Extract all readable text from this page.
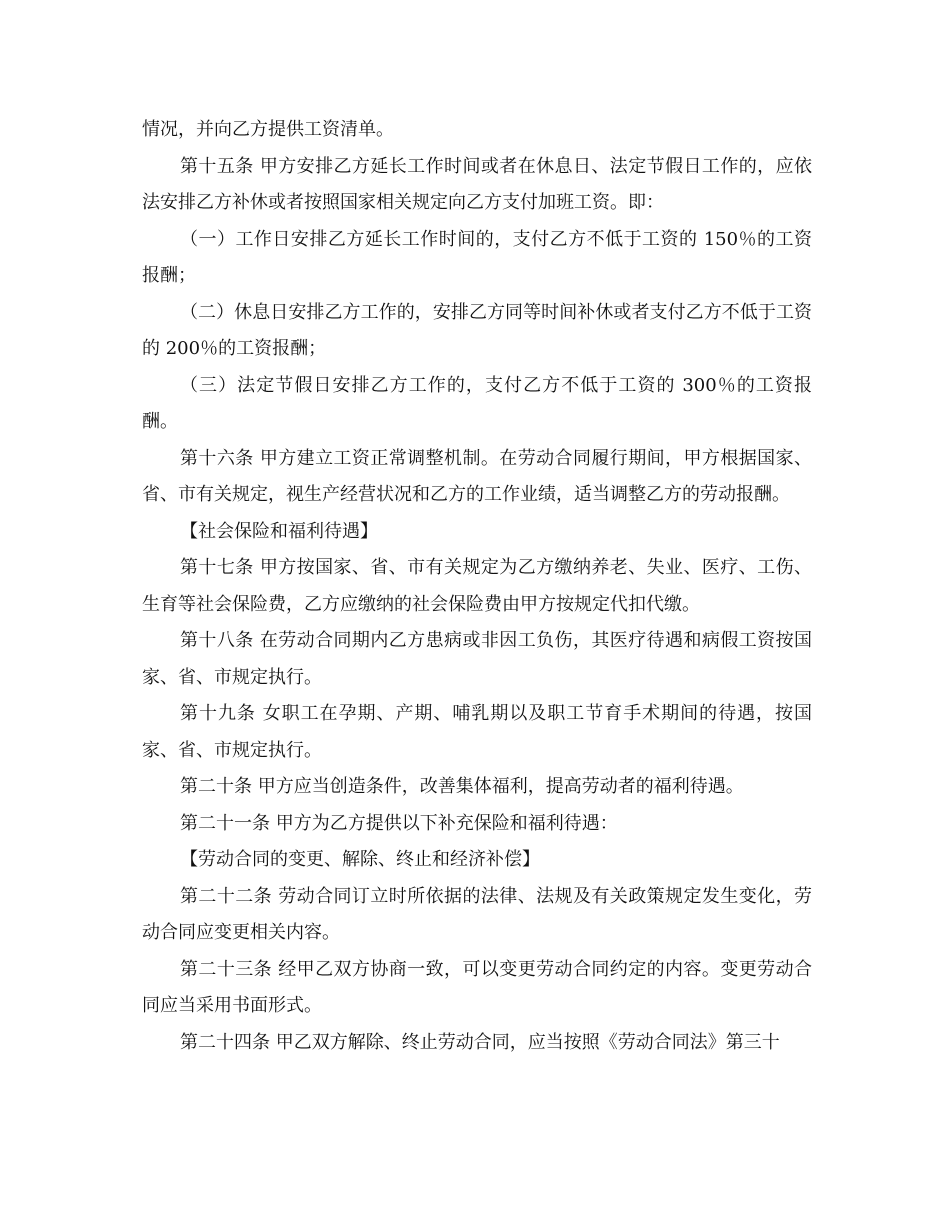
情况，并向乙方提供工资清单。

第十五条 甲方安排乙方延长工作时间或者在休息日、法定节假日工作的，应依法安排乙方补休或者按照国家相关规定向乙方支付加班工资。即：

（一）工作日安排乙方延长工作时间的，支付乙方不低于工资的 150％的工资报酬；

（二）休息日安排乙方工作的，安排乙方同等时间补休或者支付乙方不低于工资的 200％的工资报酬；

（三）法定节假日安排乙方工作的，支付乙方不低于工资的 300％的工资报酬。

第十六条 甲方建立工资正常调整机制。在劳动合同履行期间，甲方根据国家、省、市有关规定，视生产经营状况和乙方的工作业绩，适当调整乙方的劳动报酬。

【社会保险和福利待遇】

第十七条 甲方按国家、省、市有关规定为乙方缴纳养老、失业、医疗、工伤、生育等社会保险费，乙方应缴纳的社会保险费由甲方按规定代扣代缴。

第十八条 在劳动合同期内乙方患病或非因工负伤，其医疗待遇和病假工资按国家、省、市规定执行。

第十九条 女职工在孕期、产期、哺乳期以及职工节育手术期间的待遇，按国家、省、市规定执行。

第二十条 甲方应当创造条件，改善集体福利，提高劳动者的福利待遇。

第二十一条 甲方为乙方提供以下补充保险和福利待遇：

【劳动合同的变更、解除、终止和经济补偿】

第二十二条 劳动合同订立时所依据的法律、法规及有关政策规定发生变化，劳动合同应变更相关内容。

第二十三条 经甲乙双方协商一致，可以变更劳动合同约定的内容。变更劳动合同应当采用书面形式。

第二十四条 甲乙双方解除、终止劳动合同，应当按照《劳动合同法》第三十
